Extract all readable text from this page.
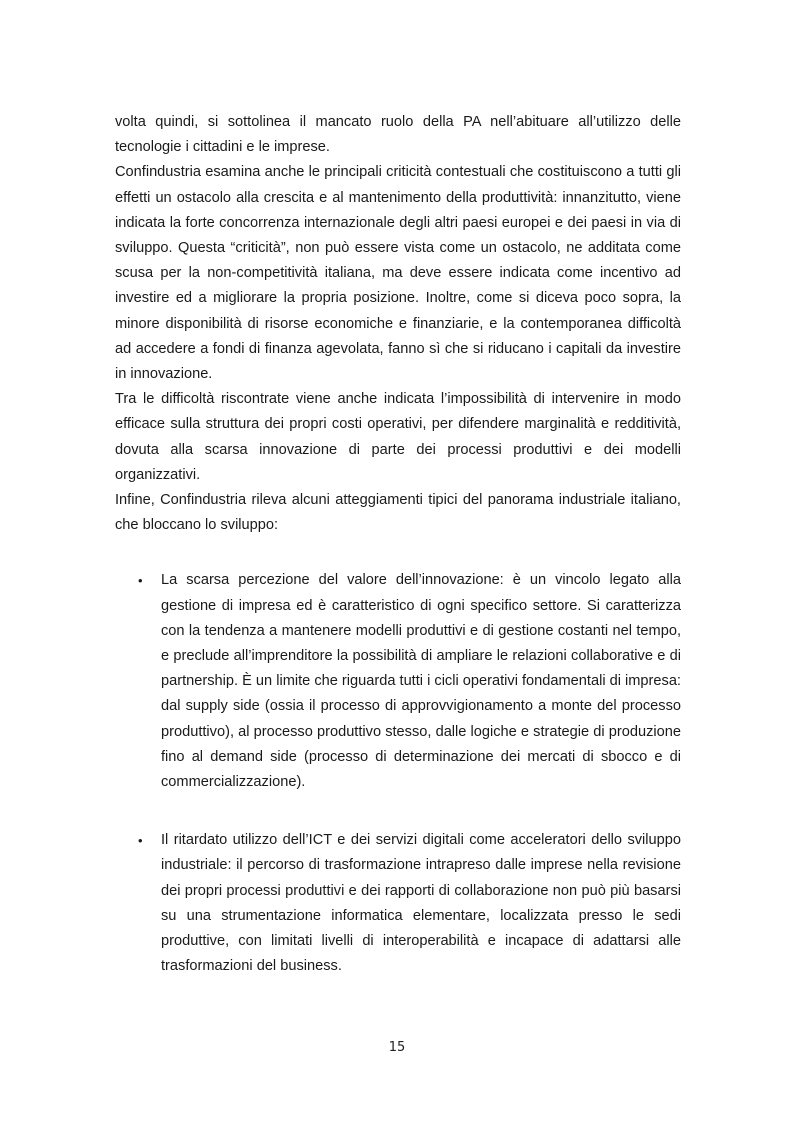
volta quindi, si sottolinea il mancato ruolo della PA nell’abituare all’utilizzo delle tecnologie i cittadini e le imprese.

Confindustria esamina anche le principali criticità contestuali che costituiscono a tutti gli effetti un ostacolo alla crescita e al mantenimento della produttività: innanzitutto, viene indicata la forte concorrenza internazionale degli altri paesi europei e dei paesi in via di sviluppo. Questa “criticità”, non può essere vista come un ostacolo, ne additata come scusa per la non-competitività italiana, ma deve essere indicata come incentivo ad investire ed a migliorare la propria posizione. Inoltre, come si diceva poco sopra, la minore disponibilità di risorse economiche e finanziarie, e la contemporanea difficoltà ad accedere a fondi di finanza agevolata, fanno sì che si riducano i capitali da investire in innovazione.

Tra le difficoltà riscontrate viene anche indicata l’impossibilità di intervenire in modo efficace sulla struttura dei propri costi operativi, per difendere marginalità e redditività, dovuta alla scarsa innovazione di parte dei processi produttivi e dei modelli organizzativi.

Infine, Confindustria rileva alcuni atteggiamenti tipici del panorama industriale italiano, che bloccano lo sviluppo:

• La scarsa percezione del valore dell’innovazione: è un vincolo legato alla gestione di impresa ed è caratteristico di ogni specifico settore. Si caratterizza con la tendenza a mantenere modelli produttivi e di gestione costanti nel tempo, e preclude all’imprenditore la possibilità di ampliare le relazioni collaborative e di partnership. È un limite che riguarda tutti i cicli operativi fondamentali di impresa: dal supply side (ossia il processo di approvvigionamento a monte del processo produttivo), al processo produttivo stesso, dalle logiche e strategie di produzione fino al demand side (processo di determinazione dei mercati di sbocco e di commercializzazione).
• Il ritardato utilizzo dell’ICT e dei servizi digitali come acceleratori dello sviluppo industriale: il percorso di trasformazione intrapreso dalle imprese nella revisione dei propri processi produttivi e dei rapporti di collaborazione non può più basarsi su una strumentazione informatica elementare, localizzata presso le sedi produttive, con limitati livelli di interoperabilità e incapace di adattarsi alle trasformazioni del business.
15
